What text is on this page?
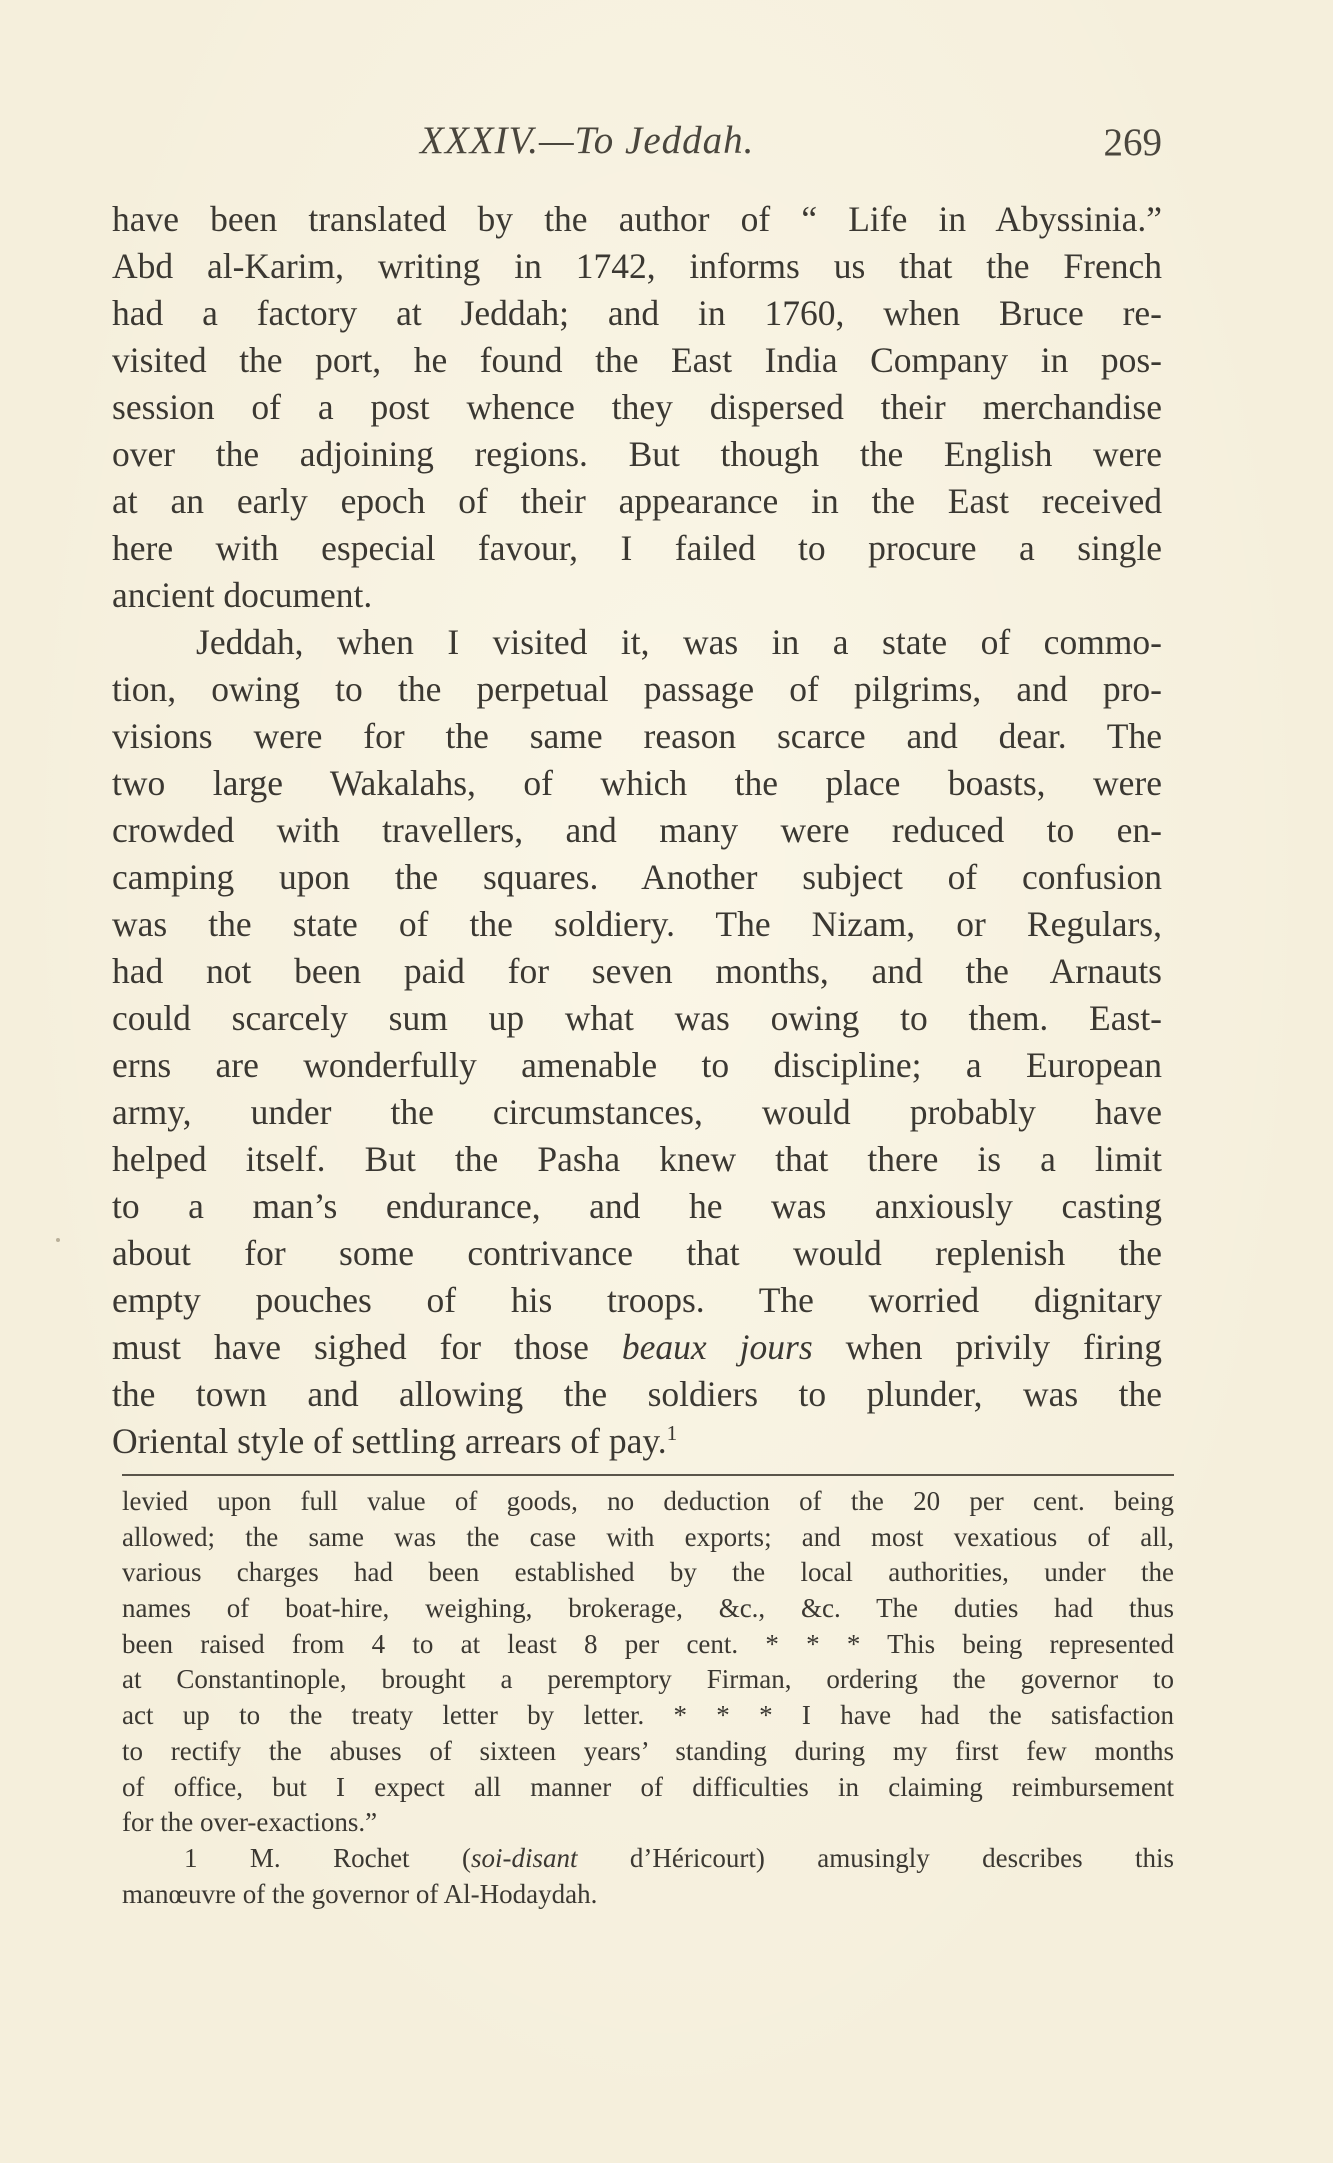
XXXIV.—To Jeddah.	269

have been translated by the author of “ Life in Abyssinia.”
Abd al-Karim, writing in 1742, informs us that the French
had a factory at Jeddah; and in 1760, when Bruce re-
visited the port, he found the East India Company in pos-
session of a post whence they dispersed their merchandise
over the adjoining regions. But though the English were
at an early epoch of their appearance in the East received
here with especial favour, I failed to procure a single
ancient document.

Jeddah, when I visited it, was in a state of commo-
tion, owing to the perpetual passage of pilgrims, and pro-
visions were for the same reason scarce and dear. The
two large Wakalahs, of which the place boasts, were
crowded with travellers, and many were reduced to en-
camping upon the squares. Another subject of confusion
was the state of the soldiery. The Nizam, or Regulars,
had not been paid for seven months, and the Arnauts
could scarcely sum up what was owing to them. East-
erns are wonderfully amenable to discipline; a European
army, under the circumstances, would probably have
helped itself. But the Pasha knew that there is a limit
to a man’s endurance, and he was anxiously casting
about for some contrivance that would replenish the
empty pouches of his troops. The worried dignitary
must have sighed for those beaux jours when privily firing
the town and allowing the soldiers to plunder, was the
Oriental style of settling arrears of pay.$^1$

levied upon full value of goods, no deduction of the 20 per cent. being
allowed; the same was the case with exports; and most vexatious of all,
various charges had been established by the local authorities, under the
names of boat-hire, weighing, brokerage, &c., &c. The duties had thus
been raised from 4 to at least 8 per cent. * * * This being represented
at Constantinople, brought a peremptory Firman, ordering the governor to
act up to the treaty letter by letter. * * * I have had the satisfaction
to rectify the abuses of sixteen years’ standing during my first few months
of office, but I expect all manner of difficulties in claiming reimbursement
for the over-exactions.”
1 M. Rochet (soi-disant d’Héricourt) amusingly describes this
manœuvre of the governor of Al-Hodaydah.
